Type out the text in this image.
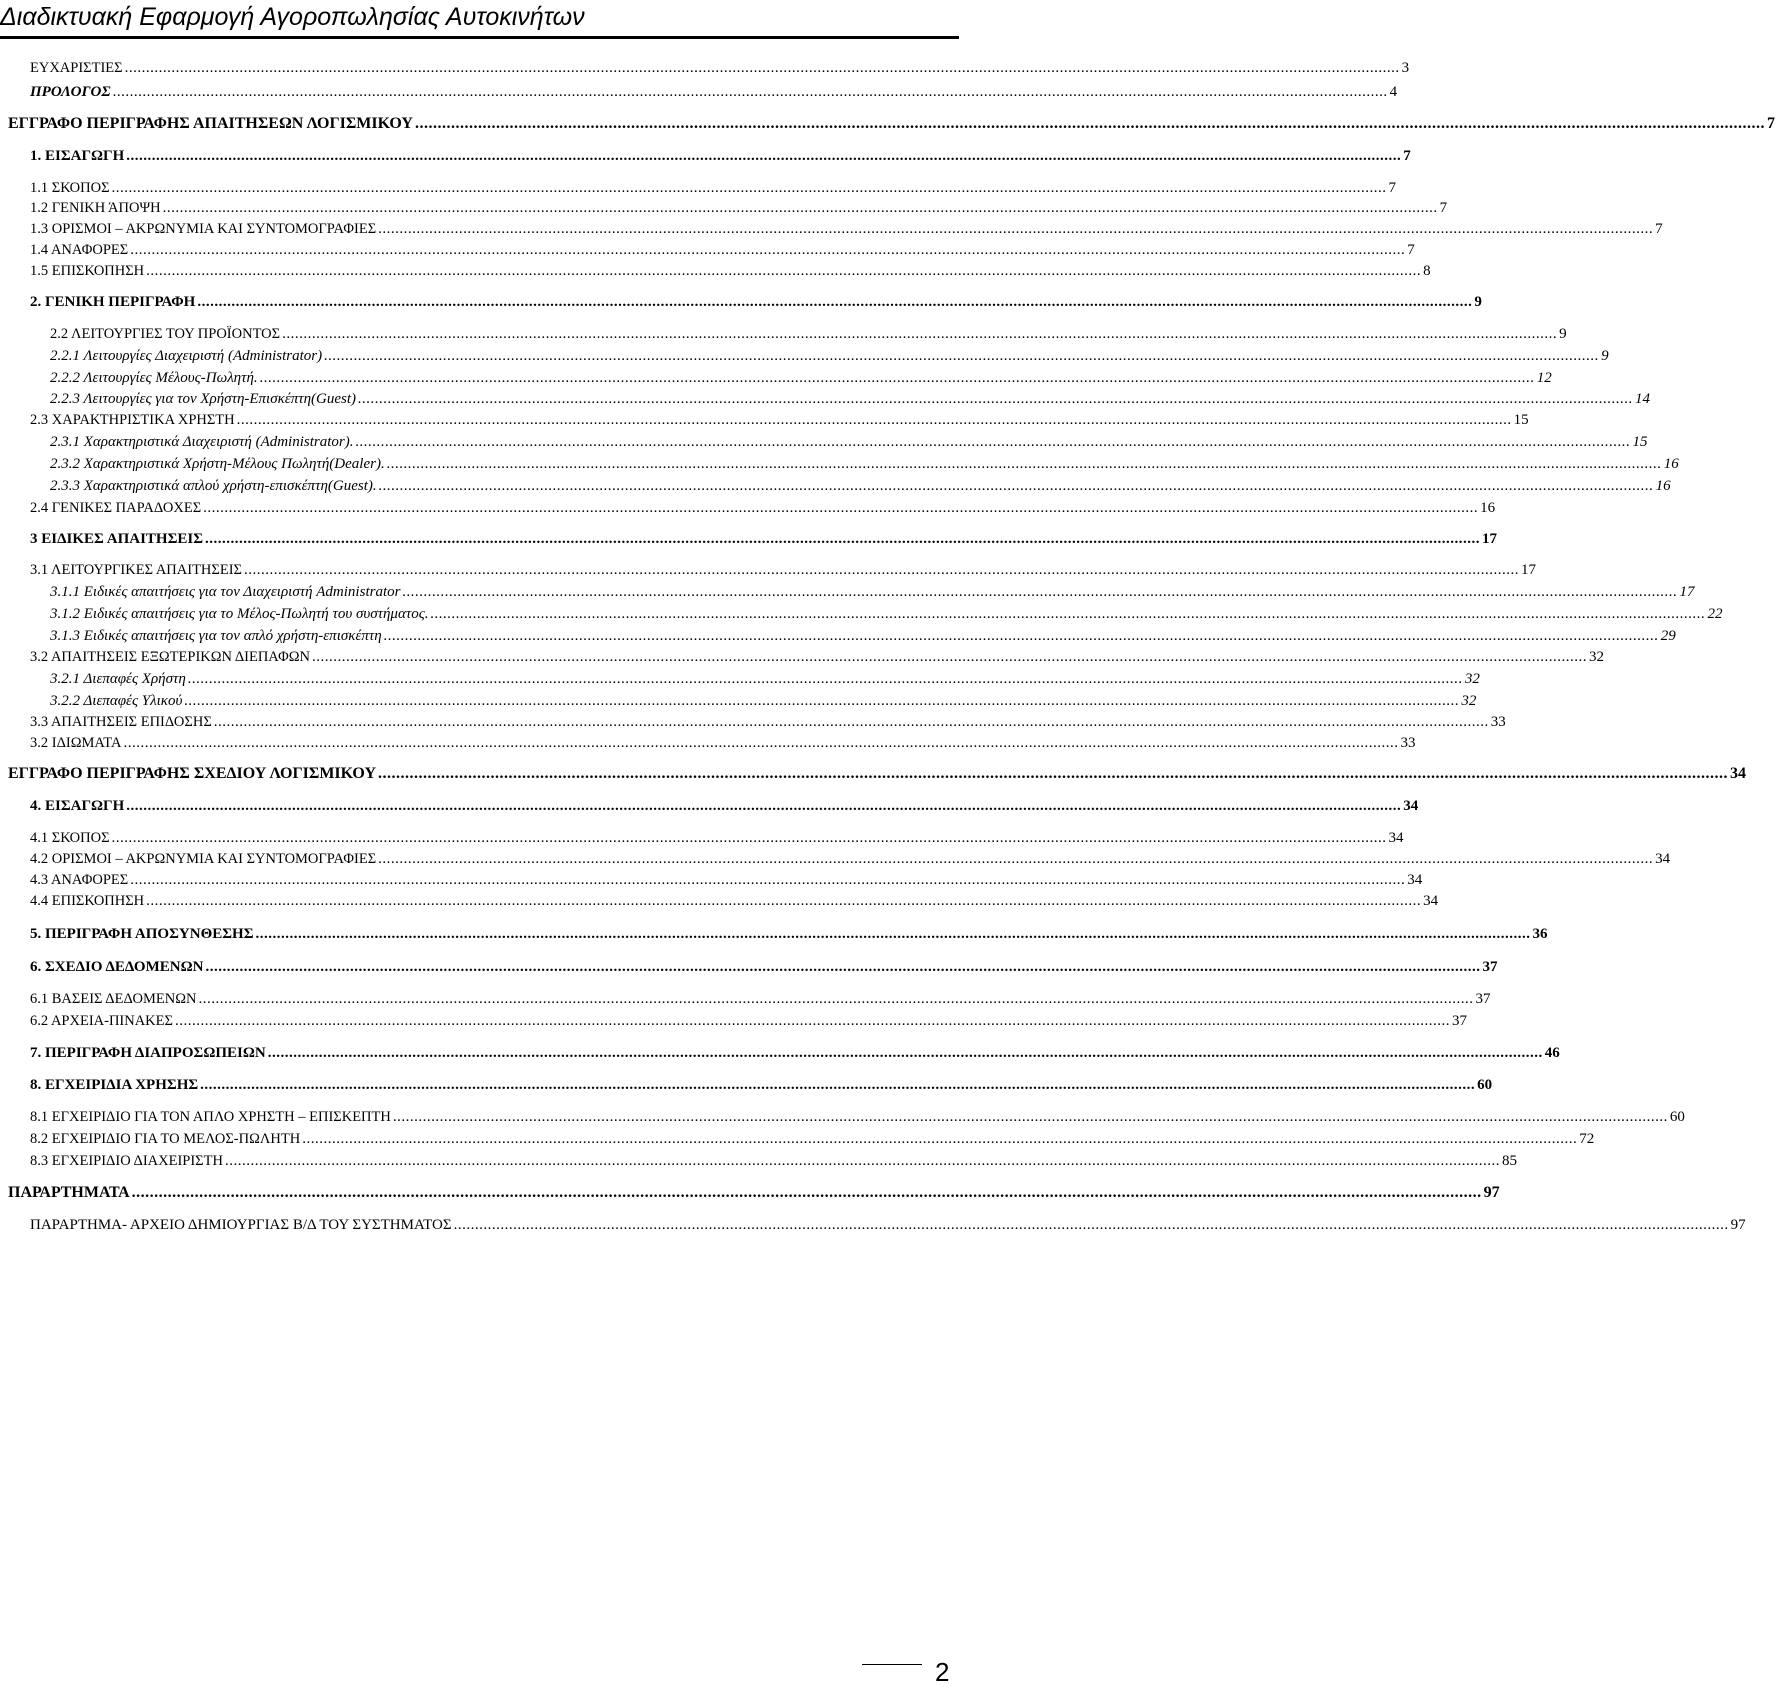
Διαδικτυακή Εφαρμογή Αγοροπωλησίας Αυτοκινήτων
ΕΥΧΑΡΙΣΤΙΕΣ ............................................................................................................................................................................................................................................................................................................ 3
ΠΡΟΛΟΓΟΣ ............................................................................................................................................................................................................................................................................................................ 4
ΕΓΓΡΑΦΟ ΠΕΡΙΓΡΑΦΗΣ ΑΠΑΙΤΗΣΕΩΝ ΛΟΓΙΣΜΙΚΟΥ ............................................................................................................................................................................................................................................................................................................ 7
1. ΕΙΣΑΓΩΓΗ ............................................................................................................................................................................................................................................................................................................ 7
1.1 ΣΚΟΠΟΣ ............................................................................................................................................................................................................................................................................................................ 7
1.2 ΓΕΝΙΚΗ ΆΠΟΨΗ ............................................................................................................................................................................................................................................................................................................ 7
1.3 ΟΡΙΣΜΟΙ – ΑΚΡΩΝΥΜΙΑ ΚΑΙ ΣΥΝΤΟΜΟΓΡΑΦΙΕΣ ............................................................................................................................................................................................................................................................................................................ 7
1.4 ΑΝΑΦΟΡΕΣ ............................................................................................................................................................................................................................................................................................................ 7
1.5 ΕΠΙΣΚΟΠΗΣΗ ............................................................................................................................................................................................................................................................................................................ 8
2. ΓΕΝΙΚΗ ΠΕΡΙΓΡΑΦΗ ............................................................................................................................................................................................................................................................................................................ 9
2.2 ΛΕΙΤΟΥΡΓΙΕΣ ΤΟΥ ΠΡΟΪΟΝΤΟΣ ............................................................................................................................................................................................................................................................................................................ 9
2.2.1 Λειτουργίες Διαχειριστή (Administrator) ............................................................................................................................................................................................................................................................................................................ 9
2.2.2 Λειτουργίες Μέλους-Πωλητή. ............................................................................................................................................................................................................................................................................................................ 12
2.2.3 Λειτουργίες για τον Χρήστη-Επισκέπτη(Guest) ............................................................................................................................................................................................................................................................................................................ 14
2.3 ΧΑΡΑΚΤΗΡΙΣΤΙΚΑ ΧΡΗΣΤΗ ............................................................................................................................................................................................................................................................................................................ 15
2.3.1 Χαρακτηριστικά Διαχειριστή (Administrator). ............................................................................................................................................................................................................................................................................................................ 15
2.3.2 Χαρακτηριστικά Χρήστη-Μέλους Πωλητή(Dealer). ............................................................................................................................................................................................................................................................................................................ 16
2.3.3 Χαρακτηριστικά απλού χρήστη-επισκέπτη(Guest). ............................................................................................................................................................................................................................................................................................................ 16
2.4 ΓΕΝΙΚΕΣ ΠΑΡΑΔΟΧΕΣ ............................................................................................................................................................................................................................................................................................................ 16
3 ΕΙΔΙΚΕΣ ΑΠΑΙΤΗΣΕΙΣ ............................................................................................................................................................................................................................................................................................................ 17
3.1 ΛΕΙΤΟΥΡΓΙΚΕΣ ΑΠΑΙΤΗΣΕΙΣ ............................................................................................................................................................................................................................................................................................................ 17
3.1.1 Ειδικές απαιτήσεις για τον Διαχειριστή Administrator ............................................................................................................................................................................................................................................................................................................ 17
3.1.2 Ειδικές απαιτήσεις για το Μέλος-Πωλητή του συστήματος. ............................................................................................................................................................................................................................................................................................................ 22
3.1.3 Ειδικές απαιτήσεις για τον απλό χρήστη-επισκέπτη ............................................................................................................................................................................................................................................................................................................ 29
3.2 ΑΠΑΙΤΗΣΕΙΣ ΕΞΩΤΕΡΙΚΩΝ ΔΙΕΠΑΦΩΝ ............................................................................................................................................................................................................................................................................................................ 32
3.2.1 Διεπαφές Χρήστη ............................................................................................................................................................................................................................................................................................................ 32
3.2.2 Διεπαφές Υλικού ............................................................................................................................................................................................................................................................................................................ 32
3.3 ΑΠΑΙΤΗΣΕΙΣ ΕΠΙΔΟΣΗΣ ............................................................................................................................................................................................................................................................................................................ 33
3.2 ΙΔΙΩΜΑΤΑ ............................................................................................................................................................................................................................................................................................................ 33
ΕΓΓΡΑΦΟ ΠΕΡΙΓΡΑΦΗΣ ΣΧΕΔΙΟΥ ΛΟΓΙΣΜΙΚΟΥ ............................................................................................................................................................................................................................................................................................................ 34
4. ΕΙΣΑΓΩΓΗ ............................................................................................................................................................................................................................................................................................................ 34
4.1 ΣΚΟΠΟΣ ............................................................................................................................................................................................................................................................................................................ 34
4.2 ΟΡΙΣΜΟΙ – ΑΚΡΩΝΥΜΙΑ ΚΑΙ ΣΥΝΤΟΜΟΓΡΑΦΙΕΣ ............................................................................................................................................................................................................................................................................................................ 34
4.3 ΑΝΑΦΟΡΕΣ ............................................................................................................................................................................................................................................................................................................ 34
4.4 ΕΠΙΣΚΟΠΗΣΗ ............................................................................................................................................................................................................................................................................................................ 34
5. ΠΕΡΙΓΡΑΦΗ ΑΠΟΣΥΝΘΕΣΗΣ ............................................................................................................................................................................................................................................................................................................ 36
6. ΣΧΕΔΙΟ ΔΕΔΟΜΕΝΩΝ ............................................................................................................................................................................................................................................................................................................ 37
6.1 ΒΑΣΕΙΣ ΔΕΔΟΜΕΝΩΝ ............................................................................................................................................................................................................................................................................................................ 37
6.2 ΑΡΧΕΙΑ-ΠΙΝΑΚΕΣ ............................................................................................................................................................................................................................................................................................................ 37
7. ΠΕΡΙΓΡΑΦΗ ΔΙΑΠΡΟΣΩΠΕΙΩΝ ............................................................................................................................................................................................................................................................................................................ 46
8. ΕΓΧΕΙΡΙΔΙΑ ΧΡΗΣΗΣ ............................................................................................................................................................................................................................................................................................................ 60
8.1 ΕΓΧΕΙΡΙΔΙΟ ΓΙΑ ΤΟΝ ΑΠΛΟ ΧΡΗΣΤΗ – ΕΠΙΣΚΕΠΤΗ ............................................................................................................................................................................................................................................................................................................ 60
8.2 ΕΓΧΕΙΡΙΔΙΟ ΓΙΑ ΤΟ ΜΕΛΟΣ-ΠΩΛΗΤΗ ............................................................................................................................................................................................................................................................................................................ 72
8.3 ΕΓΧΕΙΡΙΔΙΟ ΔΙΑΧΕΙΡΙΣΤΗ ............................................................................................................................................................................................................................................................................................................ 85
ΠΑΡΑΡΤΗΜΑΤΑ ............................................................................................................................................................................................................................................................................................................ 97
ΠΑΡΑΡΤΗΜΑ- ΑΡΧΕΙΟ ΔΗΜΙΟΥΡΓΙΑΣ Β/Δ ΤΟΥ ΣΥΣΤΗΜΑΤΟΣ ............................................................................................................................................................................................................................................................................................................ 97
2
